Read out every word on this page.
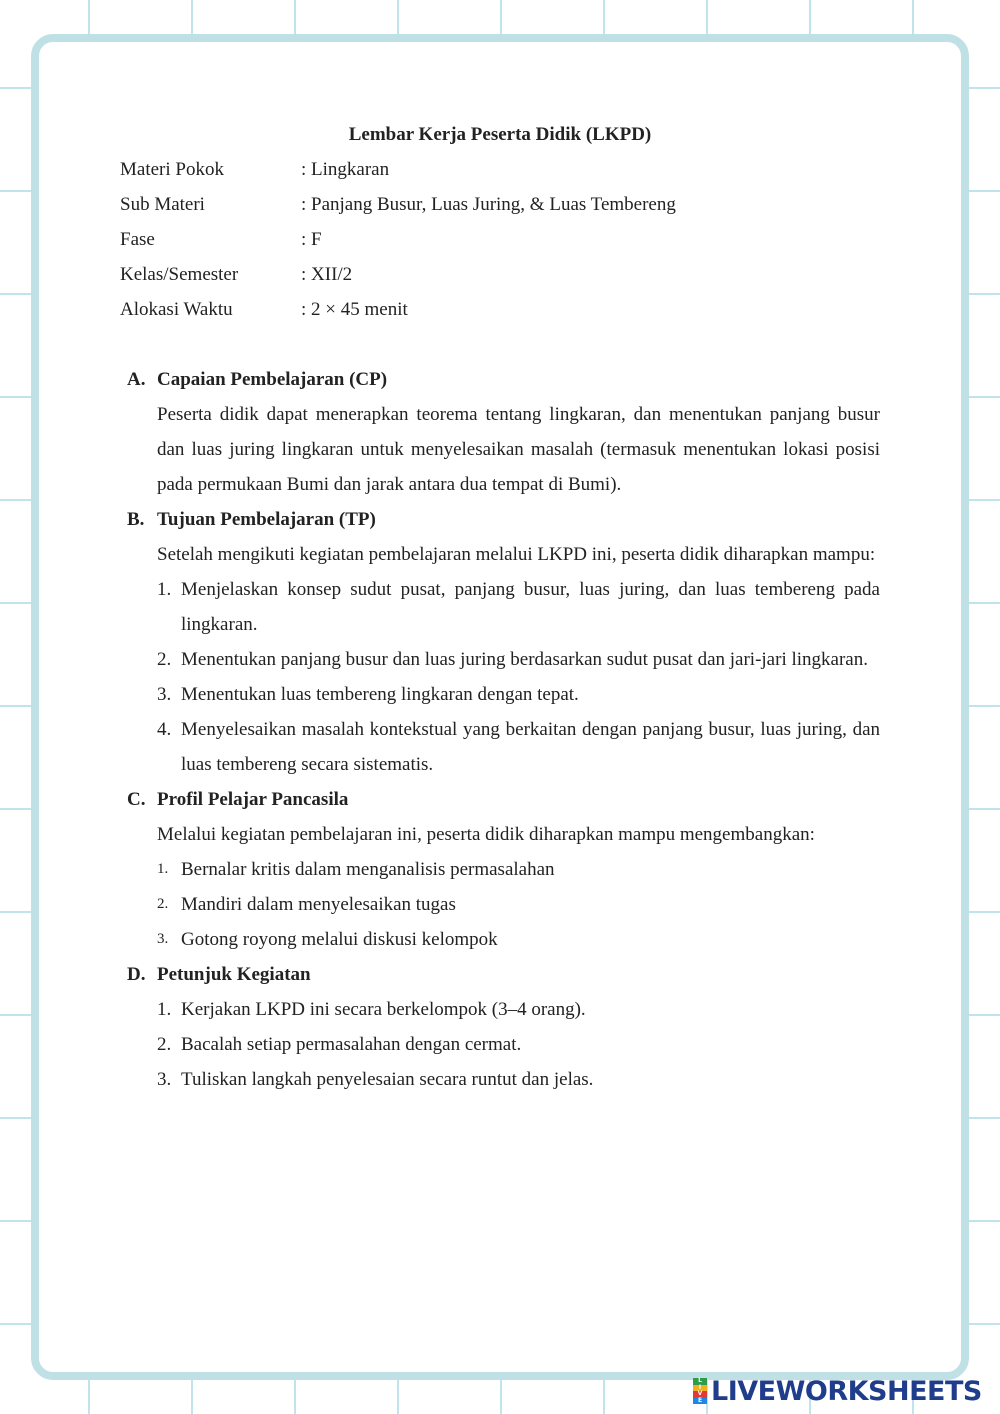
Lembar Kerja Peserta Didik (LKPD)
Materi Pokok	: Lingkaran
Sub Materi	: Panjang Busur, Luas Juring, & Luas Tembereng
Fase	: F
Kelas/Semester	: XII/2
Alokasi Waktu	: 2 × 45 menit
A. Capaian Pembelajaran (CP)
Peserta didik dapat menerapkan teorema tentang lingkaran, dan menentukan panjang busur dan luas juring lingkaran untuk menyelesaikan masalah (termasuk menentukan lokasi posisi pada permukaan Bumi dan jarak antara dua tempat di Bumi).
B. Tujuan Pembelajaran (TP)
Setelah mengikuti kegiatan pembelajaran melalui LKPD ini, peserta didik diharapkan mampu:
1. Menjelaskan konsep sudut pusat, panjang busur, luas juring, dan luas tembereng pada lingkaran.
2. Menentukan panjang busur dan luas juring berdasarkan sudut pusat dan jari-jari lingkaran.
3. Menentukan luas tembereng lingkaran dengan tepat.
4. Menyelesaikan masalah kontekstual yang berkaitan dengan panjang busur, luas juring, dan luas tembereng secara sistematis.
C. Profil Pelajar Pancasila
Melalui kegiatan pembelajaran ini, peserta didik diharapkan mampu mengembangkan:
1. Bernalar kritis dalam menganalisis permasalahan
2. Mandiri dalam menyelesaikan tugas
3. Gotong royong melalui diskusi kelompok
D. Petunjuk Kegiatan
1. Kerjakan LKPD ini secara berkelompok (3–4 orang).
2. Bacalah setiap permasalahan dengan cermat.
3. Tuliskan langkah penyelesaian secara runtut dan jelas.
L
I
V
E LIVEWORKSHEETS
